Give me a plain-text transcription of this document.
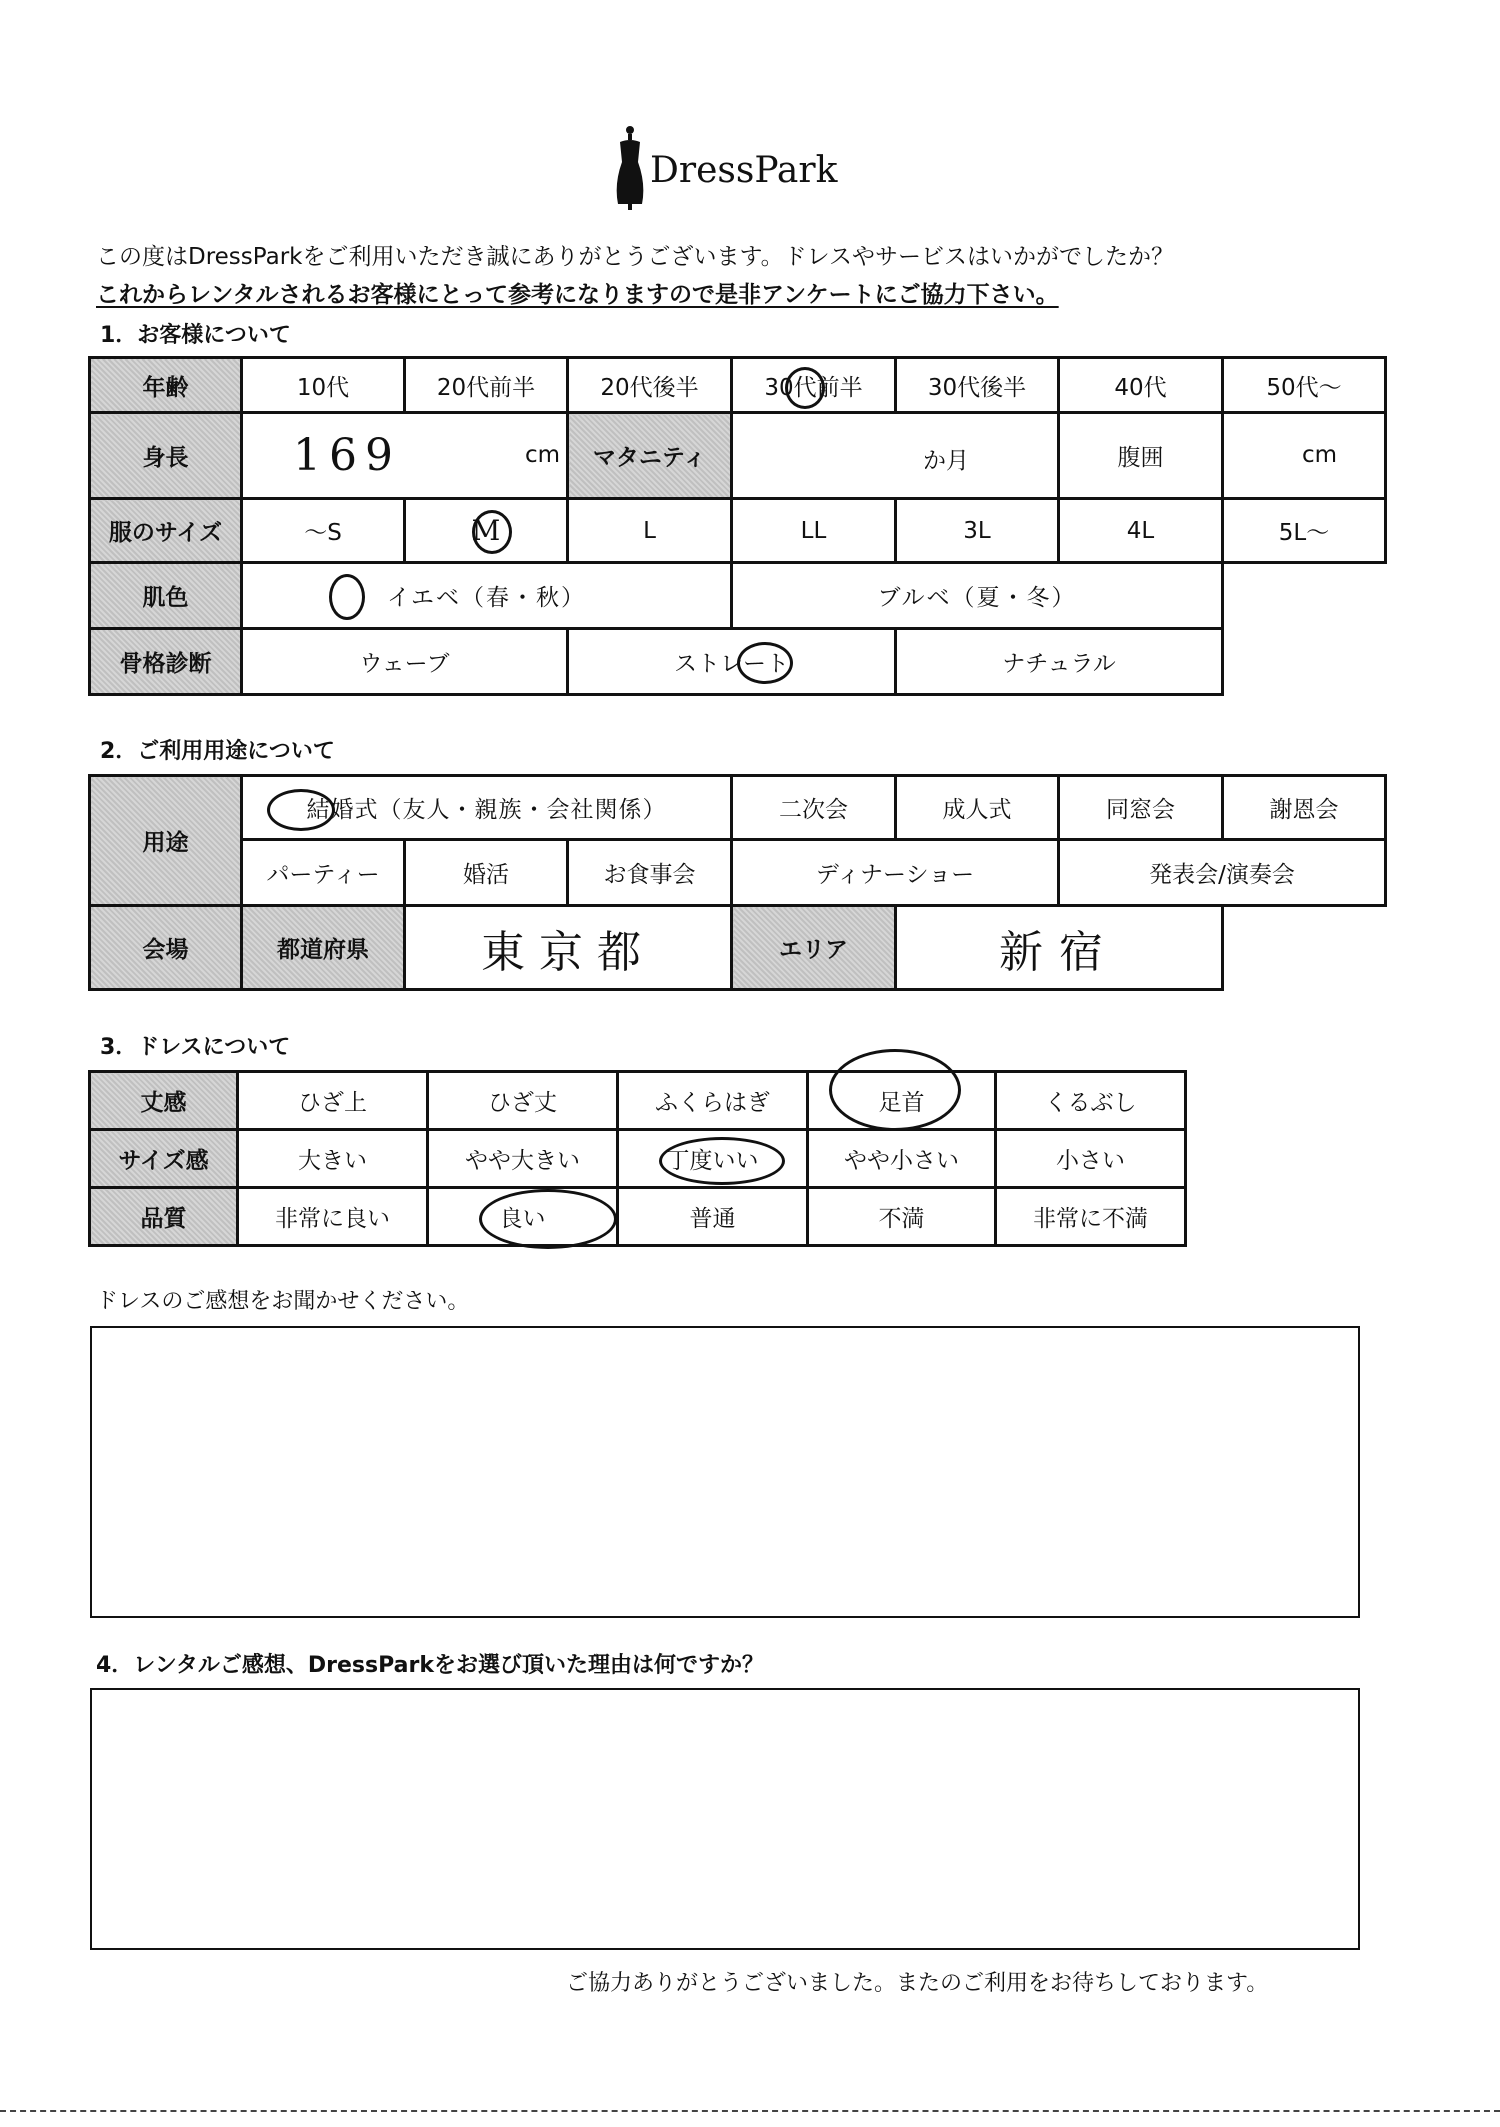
DressPark
この度はDressParkをご利用いただき誠にありがとうございます。ドレスやサービスはいかがでしたか？
これからレンタルされるお客様にとって参考になりますので是非アンケートにご協力下さい。
1．お客様について
年齢	10代	20代前半	20代後半	30代前半	30代後半	40代	50代～
身長	169 cm		マタニティ	か月		腹囲	cm

服のサイズ	～S	M	L	LL	3L	4L	5L～
肌色	イエベ（春・秋）			ブルベ（夏・冬）			
骨格診断	ウェーブ		ストレート		ナチュラル		
2．ご利用用途について
用途	結婚式（友人・親族・会社関係）			二次会	成人式	同窓会	謝恩会
	パーティー	婚活	お食事会	ディナーショー		発表会/演奏会	
会場	都道府県	東京都		エリア	新宿		
3．ドレスについて
丈感	ひざ上	ひざ丈	ふくらはぎ	足首	くるぶし
サイズ感	大きい	やや大きい	丁度いい	やや小さい	小さい
品質	非常に良い	良い	普通	不満	非常に不満
ドレスのご感想をお聞かせください。
4．レンタルご感想、DressParkをお選び頂いた理由は何ですか？
ご協力ありがとうございました。またのご利用をお待ちしております。
